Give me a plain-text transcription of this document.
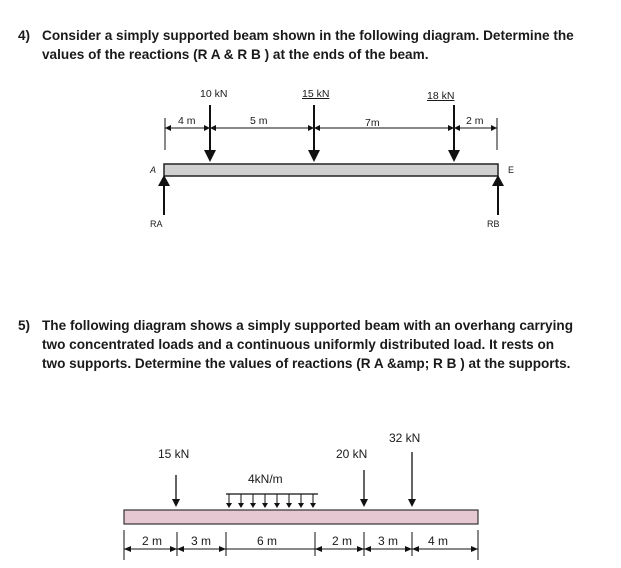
4) Consider a simply supported beam shown in the following diagram. Determine the
values of the reactions (R A & R B ) at the ends of the beam.
10 kN	15 kN	18 kN
4 m	5 m	7m	2 m
A	E
RA	RB
5) The following diagram shows a simply supported beam with an overhang carrying
two concentrated loads and a continuous uniformly distributed load. It rests on
two supports. Determine the values of reactions (R A &amp; R B ) at the supports.
15 kN	20 kN
32 kN
4kN/m
2 m 3 m	6 m	2 m 3 m 4 m
